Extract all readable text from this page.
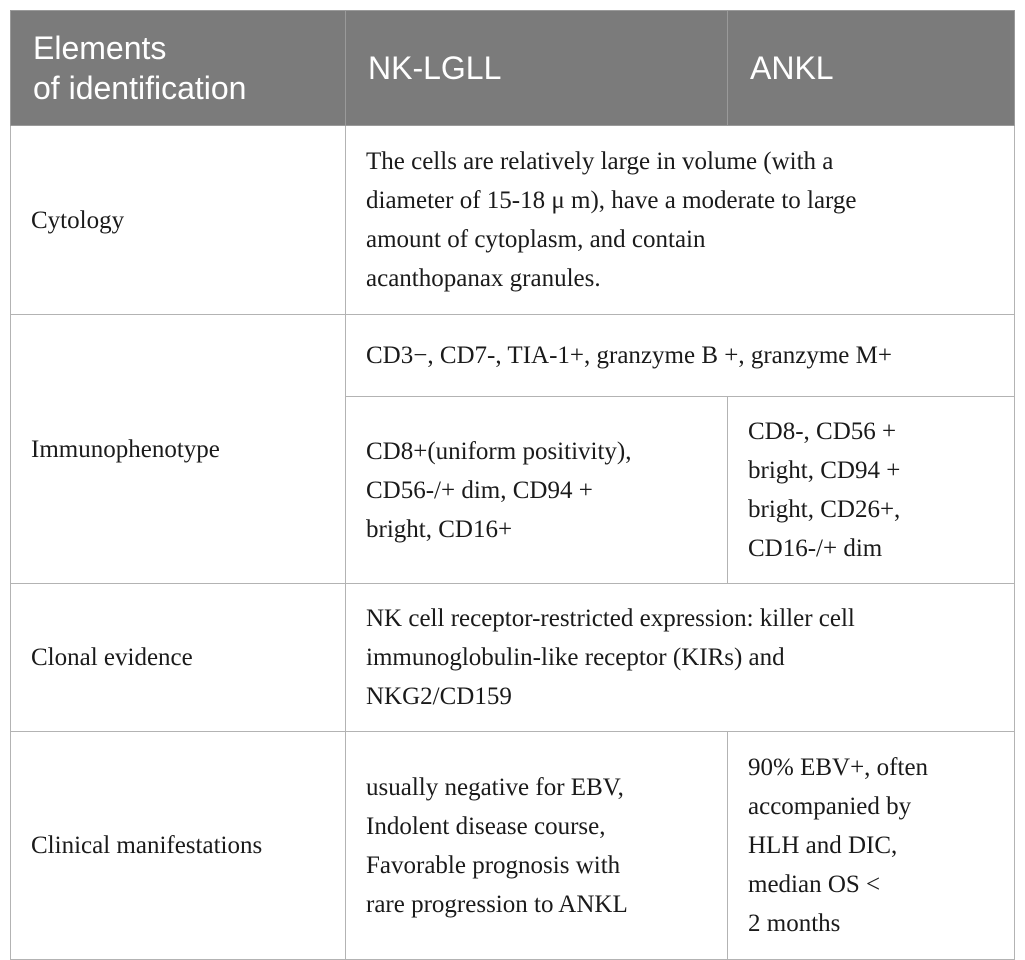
Elements
of identification	NK-LGLL	ANKL
Cytology	The cells are relatively large in volume (with a
diameter of 15-18 μ m), have a moderate to large
amount of cytoplasm, and contain
acanthopanax granules.	
Immunophenotype	CD3−, CD7-, TIA-1+, granzyme B +, granzyme M+	
	CD8+(uniform positivity),
CD56-/+ dim, CD94 +
bright, CD16+	CD8-, CD56 +
bright, CD94 +
bright, CD26+,
CD16-/+ dim
Clonal evidence	NK cell receptor-restricted expression: killer cell
immunoglobulin-like receptor (KIRs) and
NKG2/CD159	
Clinical manifestations	usually negative for EBV,
Indolent disease course,
Favorable prognosis with
rare progression to ANKL	90% EBV+, often
accompanied by
HLH and DIC,
median OS <
2 months
